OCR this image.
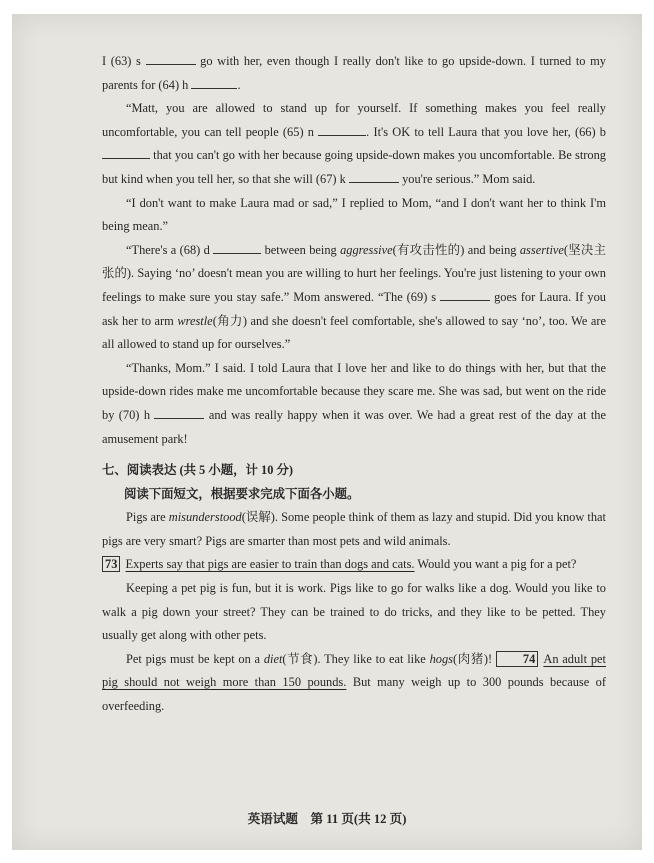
I (63) s	go with her, even though I really don't like to go upside-down. I turned to my parents for (64) h	.

“Matt, you are allowed to stand up for yourself. If something makes you feel really uncomfortable, you can tell people (65) n	. It's OK to tell Laura that you love her, (66) b  that you can't go with her because going upside-down makes you uncomfortable. Be strong but kind when you tell her, so that she will (67) k	you're serious.” Mom said.

“I don't want to make Laura mad or sad,” I replied to Mom, “and I don't want her to think I'm being mean.”

“There's a (68) d	between being aggressive(有攻击性的) and being assertive(坚决主张的). Saying ‘no’ doesn't mean you are willing to hurt her feelings. You're just listening to your own feelings to make sure you stay safe.” Mom answered. “The (69) s	goes for Laura. If you ask her to arm wrestle(角力) and she doesn't feel comfortable, she's allowed to say ‘no’, too. We are all allowed to stand up for ourselves.”

“Thanks, Mom.” I said. I told Laura that I love her and like to do things with her, but that the upside-down rides make me uncomfortable because they scare me. She was sad, but went on the ride by (70) h	and was really happy when it was over. We had a great rest of the day at the amusement park!

七、阅读表达 (共 5 小题，计 10 分)

阅读下面短文，根据要求完成下面各小题。

Pigs are misunderstood(误解). Some people think of them as lazy and stupid. Did you know that pigs are very smart? Pigs are smarter than most pets and wild animals.

73 Experts say that pigs are easier to train than dogs and cats. Would you want a pig for a pet?

Keeping a pet pig is fun, but it is work. Pigs like to go for walks like a dog. Would you like to walk a pig down your street? They can be trained to do tricks, and they like to be petted. They usually get along with other pets.

Pet pigs must be kept on a diet(节食). They like to eat like hogs(肉猪)! 74 An adult pet pig should not weigh more than 150 pounds. But many weigh up to 300 pounds because of overfeeding.

英语试题　第 11 页(共 12 页)
